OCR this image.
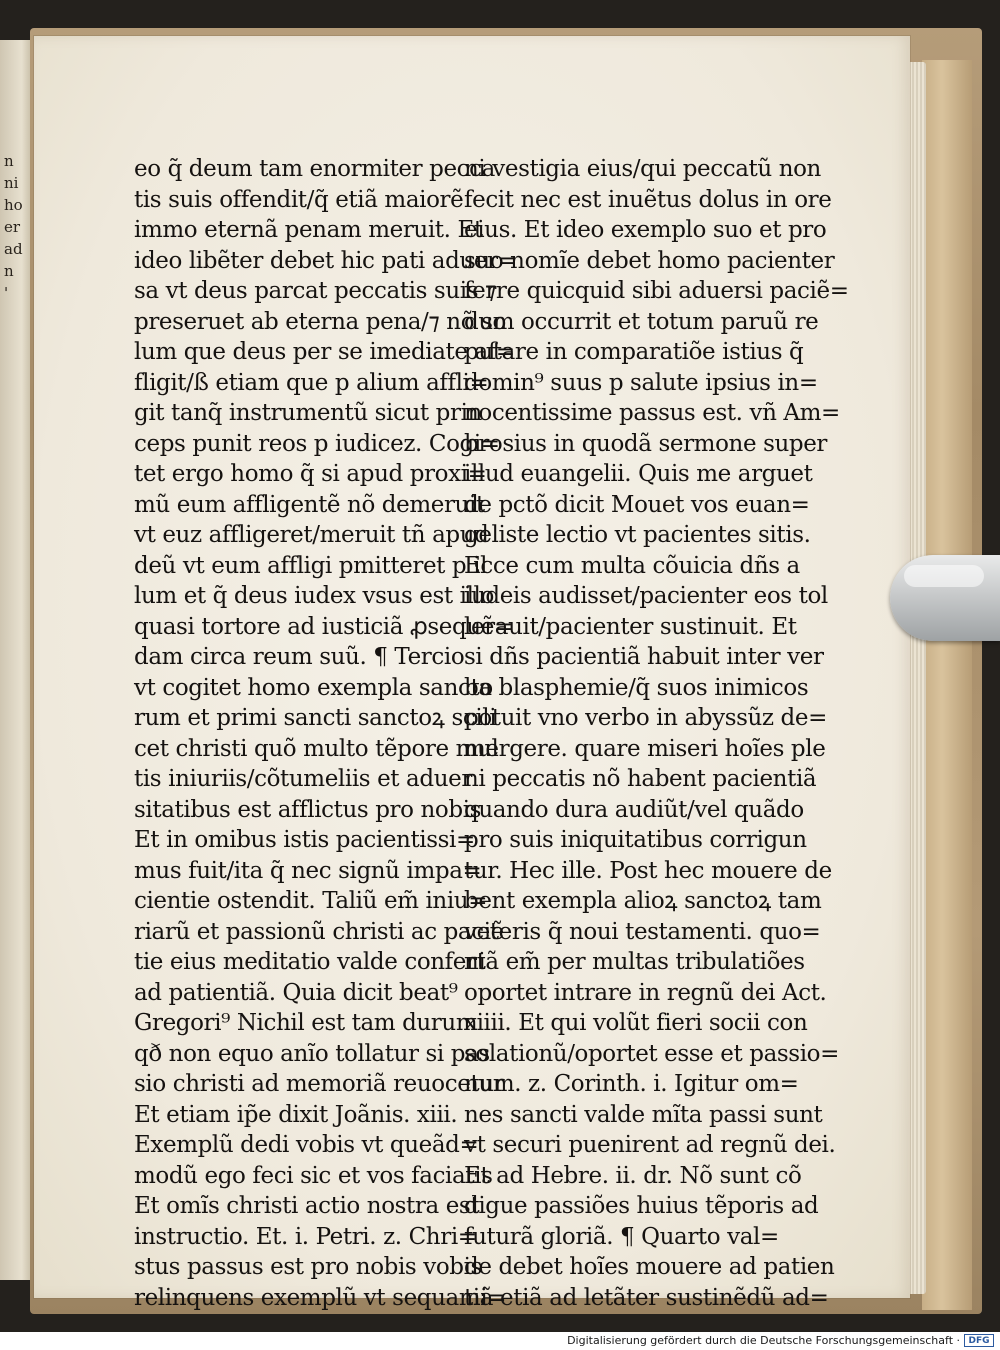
n
ni
ho
er
ad
n
'
eo q̃ deum tam enormiter pecca
tis suis offendit/q̃ etiã maiorẽ
immo eternã penam meruit. Et
ideo libẽter debet hic pati aduer=
sa vt deus parcat peccatis suis ⁊
preseruet ab eterna pena/⁊ nõ so
lum que deus per se imediate af=
fligit/ß etiam que p alium affli=
git tanq̃ instrumentũ sicut prin
ceps punit reos p iudicez. Cogi=
tet ergo homo q̃ si apud proxi=
mũ eum affligentẽ nõ demeruit
vt euz affligeret/meruit tñ apud
deũ vt eum affligi pmitteret p il
lum et q̃ deus iudex vsus est illo
quasi tortore ad iusticiã ꝓsequẽ=
dam circa reum suũ. ¶ Tercio
vt cogitet homo exempla sancto
rum et primi sancti sanctoꝝ scili
cet christi quõ multo tẽpore mul
tis iniuriis/cõtumeliis et aduer
sitatibus est afflictus pro nobis
Et in omibus istis pacientissi=
mus fuit/ita q̃ nec signũ impa=
cientie ostendit. Taliũ em̃ iniu=
riarũ et passionũ christi ac paciẽ
tie eius meditatio valde confert
ad patientiã. Quia dicit beat⁹
Gregori⁹ Nichil est tam durum
qð non equo anĩo tollatur si pas
sio christi ad memoriã reuocetur
Et etiam ip̃e dixit Joãnis. xiii.
Exemplũ dedi vobis vt queãd=
modũ ego feci sic et vos faciatis
Et omĩs christi actio nostra est
instructio. Et. i. Petri. z. Chri=
stus passus est pro nobis vobis
relinquens exemplũ vt sequami=
ni vestigia eius/qui peccatũ non
fecit nec est inuẽtus dolus in ore
eius. Et ideo exemplo suo et pro
suo nomĩe debet homo pacienter
ferre quicquid sibi aduersi paciẽ=
dum occurrit et totum paruũ re
putare in comparatiõe istius q̃
domin⁹ suus p salute ipsius in=
nocentissime passus est. vñ Am=
brosius in quodã sermone super
illud euangelii. Quis me arguet
de pctõ dicit Mouet vos euan=
geliste lectio vt pacientes sitis.
Ecce cum multa cõuicia dñs a
iudeis audisset/pacienter eos tol
lerauit/pacienter sustinuit. Et
si dñs pacientiã habuit inter ver
ba blasphemie/q̃ suos inimicos
potuit vno verbo in abyssũz de=
mergere. quare miseri hoĩes ple
ni peccatis nõ habent pacientiã
quando dura audiũt/vel quãdo
pro suis iniquitatibus corrigun
tur. Hec ille. Post hec mouere de
bent exempla alioꝝ sanctoꝝ tam
veteris q̃ noui testamenti. quo=
niã em̃ per multas tribulatiões
oportet intrare in regnũ dei Act.
xiiii. Et qui volũt fieri socii con
solationũ/oportet esse et passio=
num. z. Corinth. i. Igitur om=
nes sancti valde mĩta passi sunt
vt securi puenirent ad regnũ dei.
Et ad Hebre. ii. dr. Nõ sunt cõ
digue passiões huius tẽporis ad
futurã gloriã. ¶ Quarto val=
de debet hoĩes mouere ad patien
tiã etiã ad letãter sustinẽdũ ad=
Digitalisierung gefördert durch die Deutsche Forschungsgemeinschaft · DFG
